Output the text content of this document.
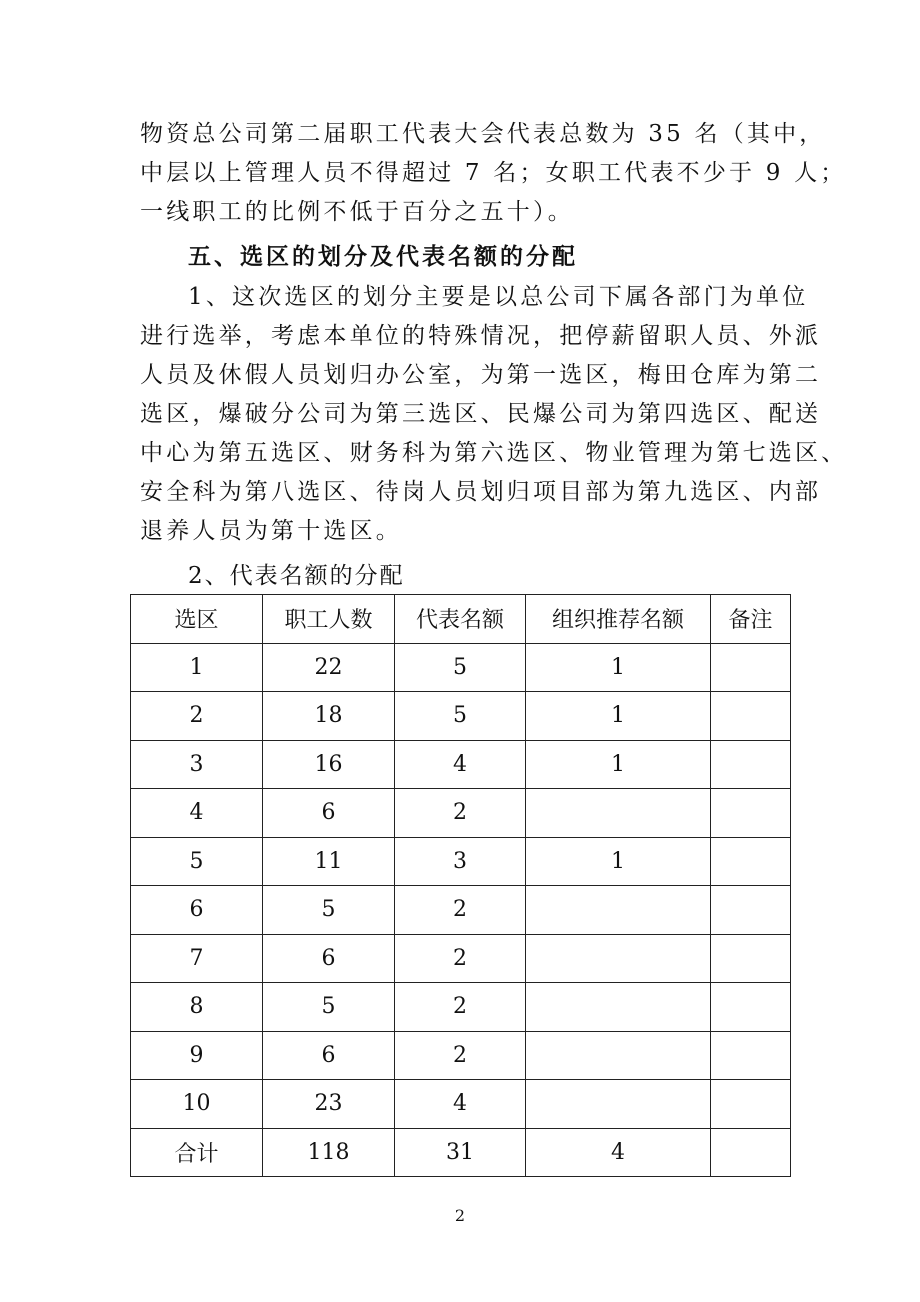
物资总公司第二届职工代表大会代表总数为 35 名（其中，
中层以上管理人员不得超过 7 名；女职工代表不少于 9 人；
一线职工的比例不低于百分之五十）。
五、选区的划分及代表名额的分配
1、这次选区的划分主要是以总公司下属各部门为单位
进行选举，考虑本单位的特殊情况，把停薪留职人员、外派
人员及休假人员划归办公室，为第一选区，梅田仓库为第二
选区，爆破分公司为第三选区、民爆公司为第四选区、配送
中心为第五选区、财务科为第六选区、物业管理为第七选区、
安全科为第八选区、待岗人员划归项目部为第九选区、内部
退养人员为第十选区。
2、代表名额的分配
选区	职工人数	代表名额	组织推荐名额	备注
1	22	5	1	
2	18	5	1	
3	16	4	1	
4	6	2		
5	11	3	1	
6	5	2		
7	6	2		
8	5	2		
9	6	2		
10	23	4		
合计	118	31	4	
2
